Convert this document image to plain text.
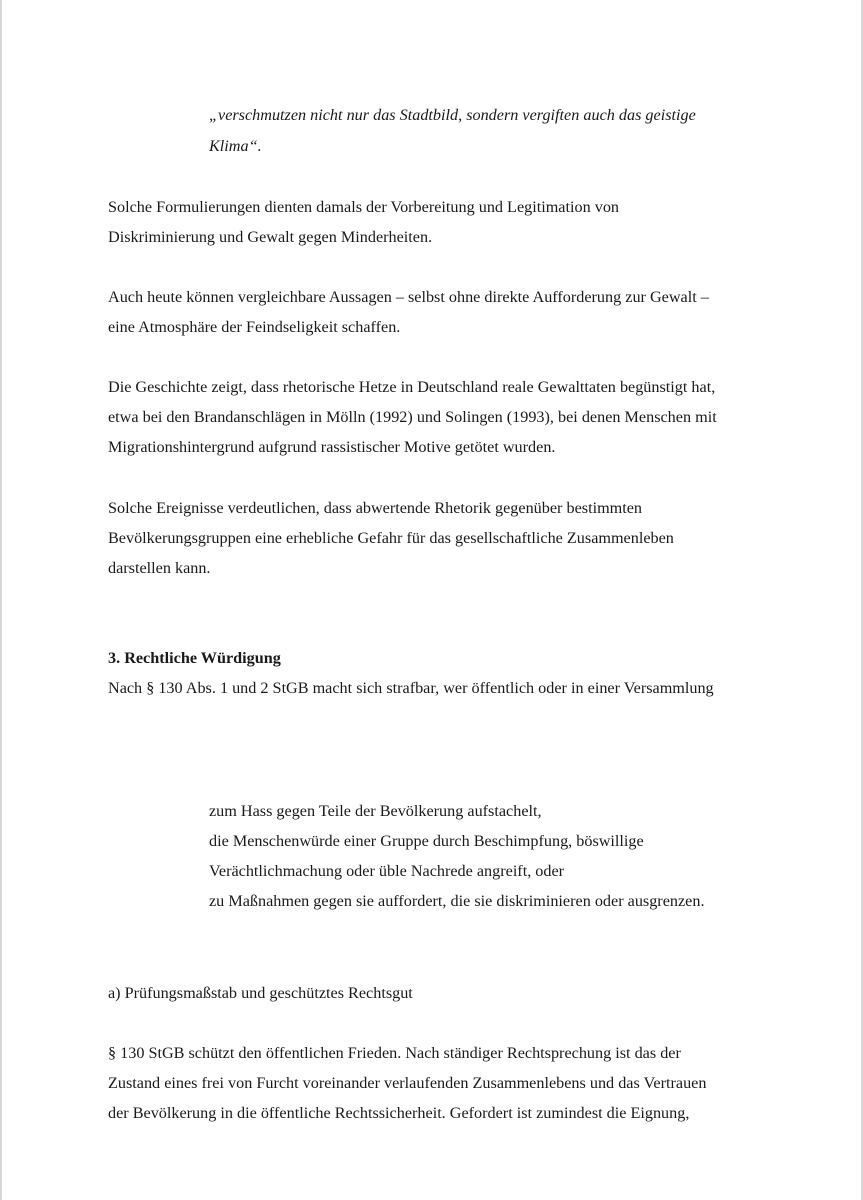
„verschmutzen nicht nur das Stadtbild, sondern vergiften auch das geistige
Klima“.
Solche Formulierungen dienten damals der Vorbereitung und Legitimation von
Diskriminierung und Gewalt gegen Minderheiten.
Auch heute können vergleichbare Aussagen – selbst ohne direkte Aufforderung zur Gewalt –
eine Atmosphäre der Feindseligkeit schaffen.
Die Geschichte zeigt, dass rhetorische Hetze in Deutschland reale Gewalttaten begünstigt hat,
etwa bei den Brandanschlägen in Mölln (1992) und Solingen (1993), bei denen Menschen mit
Migrationshintergrund aufgrund rassistischer Motive getötet wurden.
Solche Ereignisse verdeutlichen, dass abwertende Rhetorik gegenüber bestimmten
Bevölkerungsgruppen eine erhebliche Gefahr für das gesellschaftliche Zusammenleben
darstellen kann.
3. Rechtliche Würdigung
Nach § 130 Abs. 1 und 2 StGB macht sich strafbar, wer öffentlich oder in einer Versammlung
zum Hass gegen Teile der Bevölkerung aufstachelt,
die Menschenwürde einer Gruppe durch Beschimpfung, böswillige
Verächtlichmachung oder üble Nachrede angreift, oder
zu Maßnahmen gegen sie auffordert, die sie diskriminieren oder ausgrenzen.
a) Prüfungsmaßstab und geschütztes Rechtsgut
§ 130 StGB schützt den öffentlichen Frieden. Nach ständiger Rechtsprechung ist das der
Zustand eines frei von Furcht voreinander verlaufenden Zusammenlebens und das Vertrauen
der Bevölkerung in die öffentliche Rechtssicherheit. Gefordert ist zumindest die Eignung,
